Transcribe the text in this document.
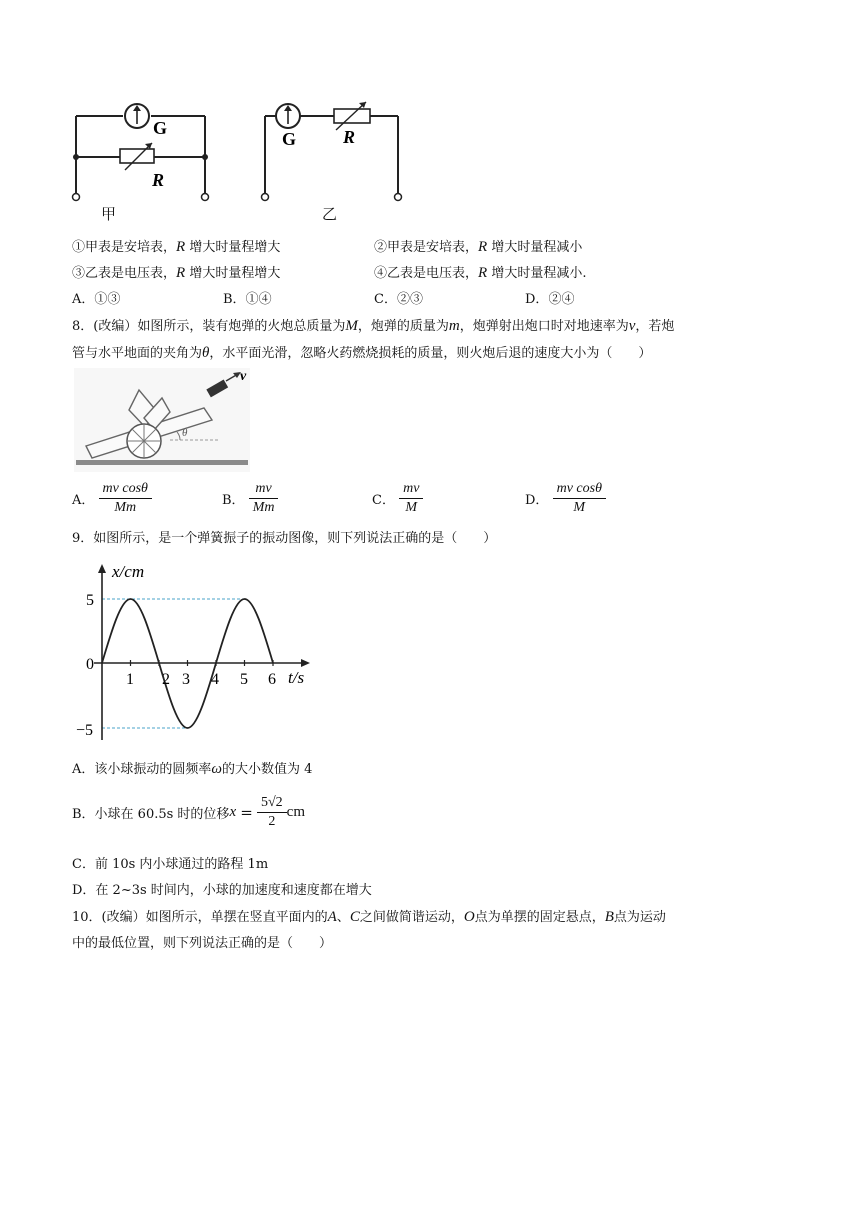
G
R
甲
G	R
乙
①甲表是安培表，R 增大时量程增大	②甲表是安培表，R 增大时量程减小
③乙表是电压表，R 增大时量程增大	④乙表是电压表，R 增大时量程减小.
A．①③	B．①④	C．②③	D．②④
8．(改编）如图所示，装有炮弹的火炮总质量为M，炮弹的质量为m，炮弹射出炮口时对地速率为v，若炮
管与水平地面的夹角为θ，水平面光滑，忽略火药燃烧损耗的质量，则火炮后退的速度大小为（　　）
v
θ
A． $\frac{\text{mv cosθ}}{Mm}$	B． $\frac{mv}{Mm}$	C． $\frac{mv}{M}$	D． $\frac{\text{mv cosθ}}{M}$
9．如图所示，是一个弹簧振子的振动图像，则下列说法正确的是（　　）
x/cm
t/s
5
0
−5
1 2 3 4 5 6
A．该小球振动的圆频率ω的大小数值为 4
B．小球在 60.5s 时的位移$x = \frac{5√2}{2}$ cm
C．前 10s 内小球通过的路程 1m
D．在 2~3s 时间内，小球的加速度和速度都在增大
10．(改编）如图所示，单摆在竖直平面内的A、C之间做简谐运动，O点为单摆的固定悬点，B点为运动
中的最低位置，则下列说法正确的是（　　）
